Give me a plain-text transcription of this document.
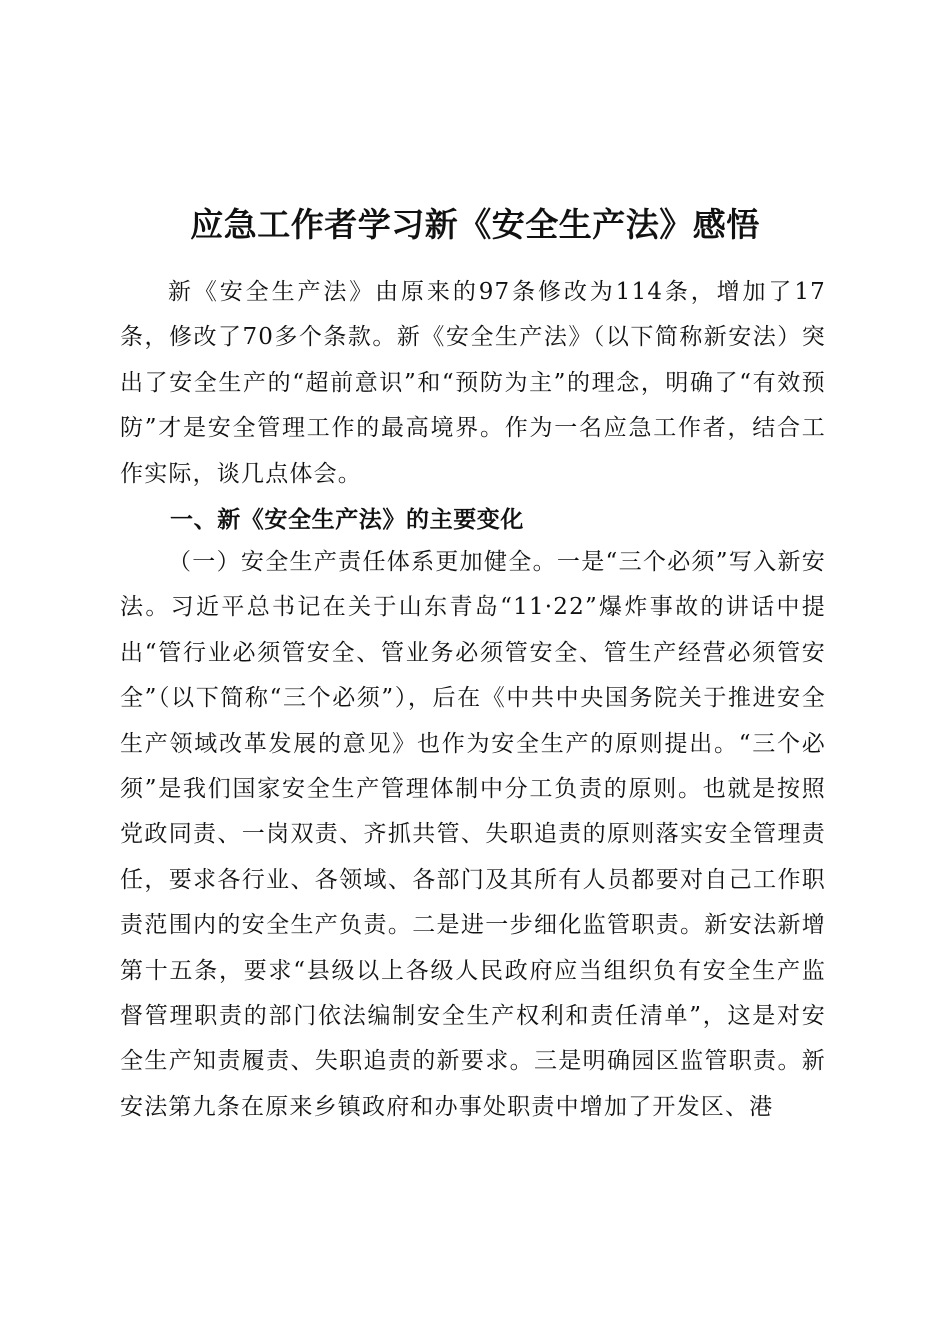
应急工作者学习新《安全生产法》感悟

新《安全生产法》由原来的97条修改为114条，增加了17条，修改了70多个条款。新《安全生产法》（以下简称新安法）突出了安全生产的“超前意识”和“预防为主”的理念，明确了“有效预防”才是安全管理工作的最高境界。作为一名应急工作者，结合工作实际，谈几点体会。

一、新《安全生产法》的主要变化

（一）安全生产责任体系更加健全。一是“三个必须”写入新安法。习近平总书记在关于山东青岛“11·22”爆炸事故的讲话中提出“管行业必须管安全、管业务必须管安全、管生产经营必须管安全”（以下简称“三个必须”），后在《中共中央国务院关于推进安全生产领域改革发展的意见》也作为安全生产的原则提出。“三个必须”是我们国家安全生产管理体制中分工负责的原则。也就是按照党政同责、一岗双责、齐抓共管、失职追责的原则落实安全管理责任，要求各行业、各领域、各部门及其所有人员都要对自己工作职责范围内的安全生产负责。二是进一步细化监管职责。新安法新增第十五条，要求“县级以上各级人民政府应当组织负有安全生产监督管理职责的部门依法编制安全生产权利和责任清单”，这是对安全生产知责履责、失职追责的新要求。三是明确园区监管职责。新安法第九条在原来乡镇政府和办事处职责中增加了开发区、港
